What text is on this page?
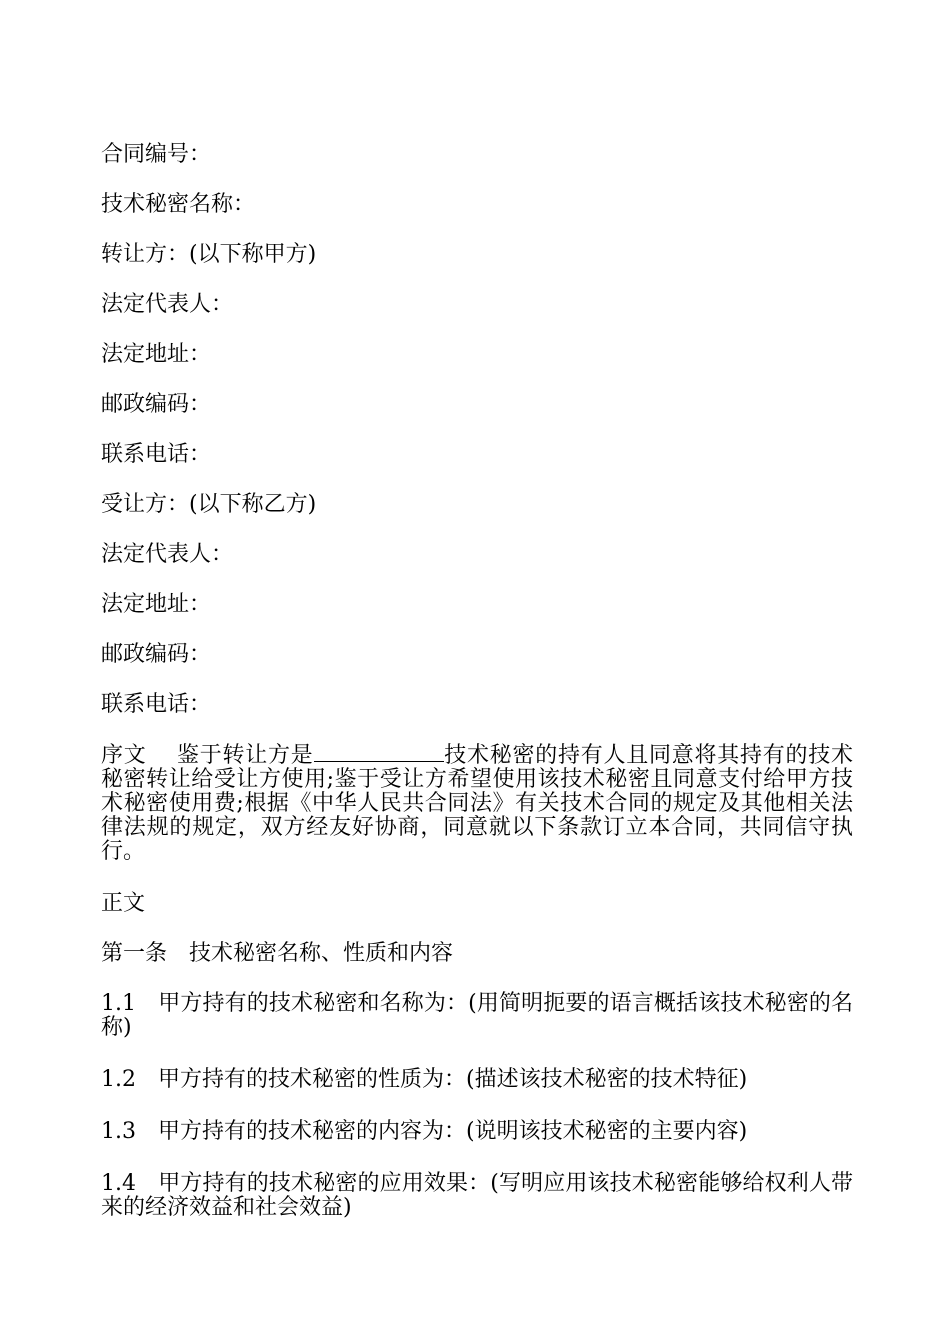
合同编号：

技术秘密名称：

转让方：(以下称甲方)

法定代表人：

法定地址：

邮政编码：

联系电话：

受让方：(以下称乙方)

法定代表人：

法定地址：

邮政编码：

联系电话：

序文　 鉴于转让方是	技术秘密的持有人且同意将其持有的技术秘密转让给受让方使用;鉴于受让方希望使用该技术秘密且同意支付给甲方技术秘密使用费;根据《中华人民共合同法》有关技术合同的规定及其他相关法律法规的规定，双方经友好协商，同意就以下条款订立本合同，共同信守执行。

正文

第一条　技术秘密名称、性质和内容

1.1　甲方持有的技术秘密和名称为：(用简明扼要的语言概括该技术秘密的名称)

1.2　甲方持有的技术秘密的性质为：(描述该技术秘密的技术特征)

1.3　甲方持有的技术秘密的内容为：(说明该技术秘密的主要内容)

1.4　甲方持有的技术秘密的应用效果：(写明应用该技术秘密能够给权利人带来的经济效益和社会效益)
